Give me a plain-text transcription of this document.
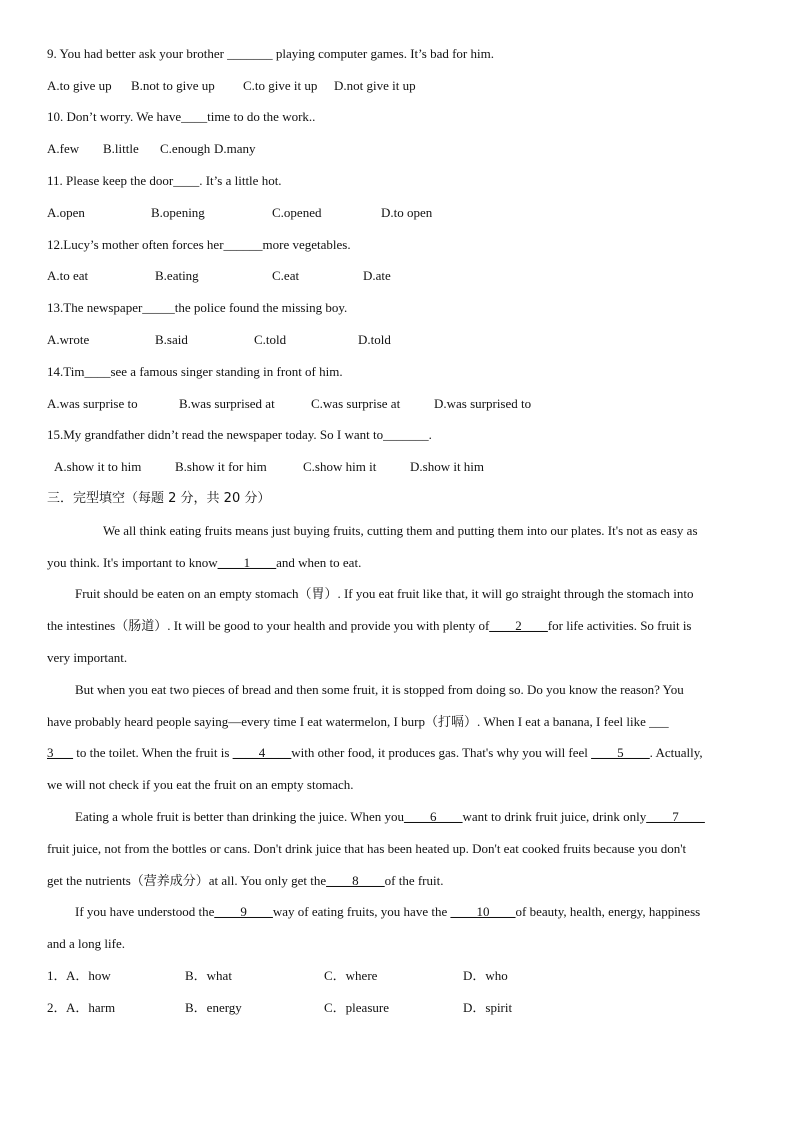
9. You had better ask your brother _______ playing computer games. It’s bad for him.
A.to give up B.not to give up C.to give it up D.not give it up
10. Don’t worry. We have____time to do the work..
A.few B.little C.enough D.many
11. Please keep the door____. It’s a little hot.
A.open	B.opening	C.opened	D.to open
12.Lucy’s mother often forces her______more vegetables.
A.to eat	B.eating	C.eat	D.ate
13.The newspaper_____the police found the missing boy.
A.wrote	B.said	C.told	D.told
14.Tim____see a famous singer standing in front of him.
A.was surprise to	B.was surprised at	C.was surprise at	D.was surprised to
15.My grandfather didn’t read the newspaper today. So I want to_______.
A.show it to him	B.show it for him	C.show him it	D.show it him
三．完型填空（每题 2 分，共 20 分）
We all think eating fruits means just buying fruits, cutting them and putting them into our plates. It's not as easy as
you think. It's important to know____1____and when to eat.
Fruit should be eaten on an empty stomach（胃）. If you eat fruit like that, it will go straight through the stomach into
the intestines（肠道）. It will be good to your health and provide you with plenty of____2____for life activities. So fruit is
very important.
But when you eat two pieces of bread and then some fruit, it is stopped from doing so. Do you know the reason? You
have probably heard people saying—every time I eat watermelon, I burp（打嗝）. When I eat a banana, I feel like ___
3___ to the toilet. When the fruit is ____4____with other food, it produces gas. That's why you will feel ____5____. Actually,
we will not check if you eat the fruit on an empty stomach.
Eating a whole fruit is better than drinking the juice. When you____6____want to drink fruit juice, drink only____7____
fruit juice, not from the bottles or cans. Don't drink juice that has been heated up. Don't eat cooked fruits because you don't
get the nutrients（营养成分）at all. You only get the____8____of the fruit.
If you have understood the____9____way of eating fruits, you have the ____10____of beauty, health, energy, happiness
and a long life.
1． A．how	B．what	C．where	D．who
2． A．harm	B．energy	C．pleasure	D．spirit
